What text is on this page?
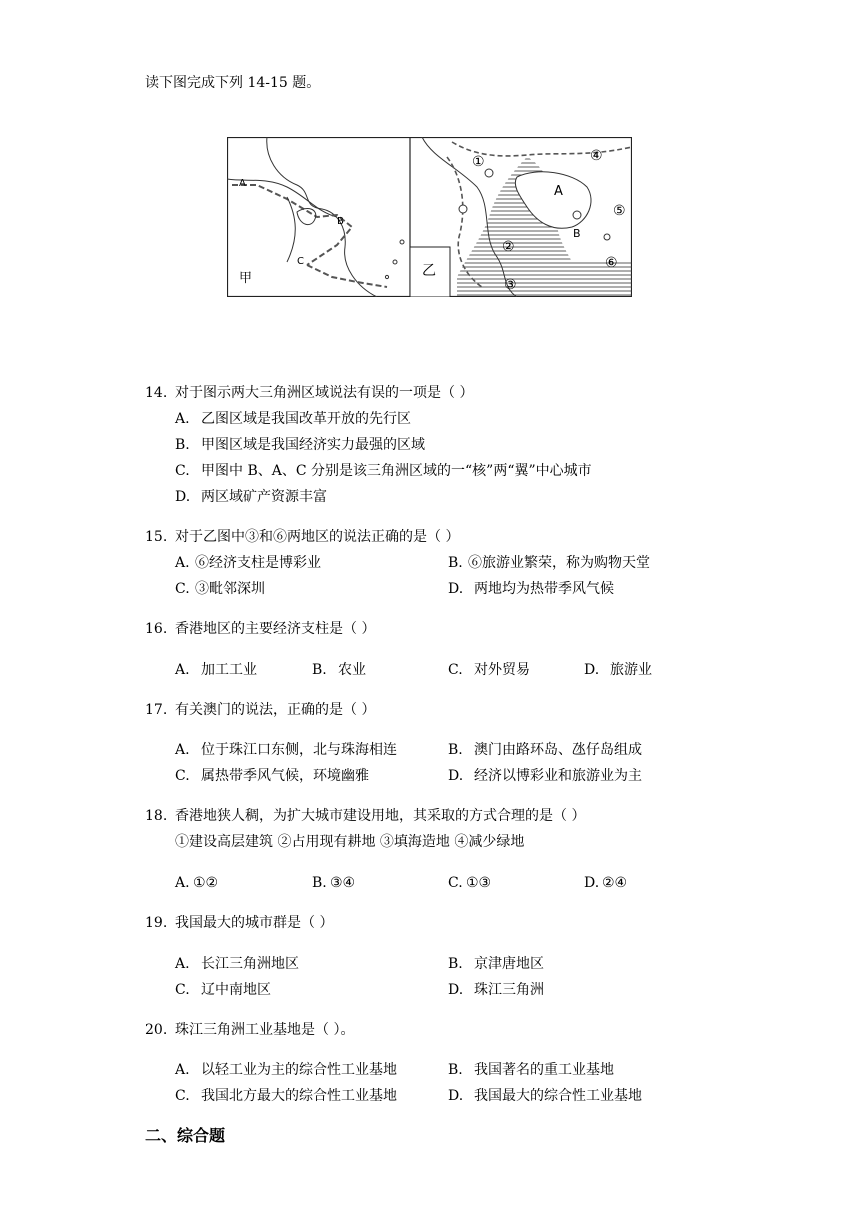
读下图完成下列 14-15 题。
A
B
C
甲	乙
A
B
①
②
③
④
⑤
⑥
14. 对于图示两大三角洲区域说法有误的一项是（ ）
A. 乙图区域是我国改革开放的先行区
B. 甲图区域是我国经济实力最强的区域
C. 甲图中 B、A、C 分别是该三角洲区域的一“核”两“翼”中心城市
D. 两区域矿产资源丰富
15. 对于乙图中③和⑥两地区的说法正确的是（ ）
A. ⑥经济支柱是博彩业	B. ⑥旅游业繁荣，称为购物天堂
C. ③毗邻深圳	D. 两地均为热带季风气候
16. 香港地区的主要经济支柱是（ ）
A. 加工工业	B. 农业	C. 对外贸易	D. 旅游业
17. 有关澳门的说法，正确的是（ ）
A. 位于珠江口东侧，北与珠海相连	B. 澳门由路环岛、氹仔岛组成
C. 属热带季风气候，环境幽雅	D. 经济以博彩业和旅游业为主
18. 香港地狭人稠，为扩大城市建设用地，其采取的方式合理的是（ ）
①建设高层建筑 ②占用现有耕地 ③填海造地 ④减少绿地
A. ①②	B. ③④	C. ①③	D. ②④
19. 我国最大的城市群是（ ）
A. 长江三角洲地区	B. 京津唐地区
C. 辽中南地区	D. 珠江三角洲
20. 珠江三角洲工业基地是（ ）。
A. 以轻工业为主的综合性工业基地	B. 我国著名的重工业基地
C. 我国北方最大的综合性工业基地	D. 我国最大的综合性工业基地
二、综合题
